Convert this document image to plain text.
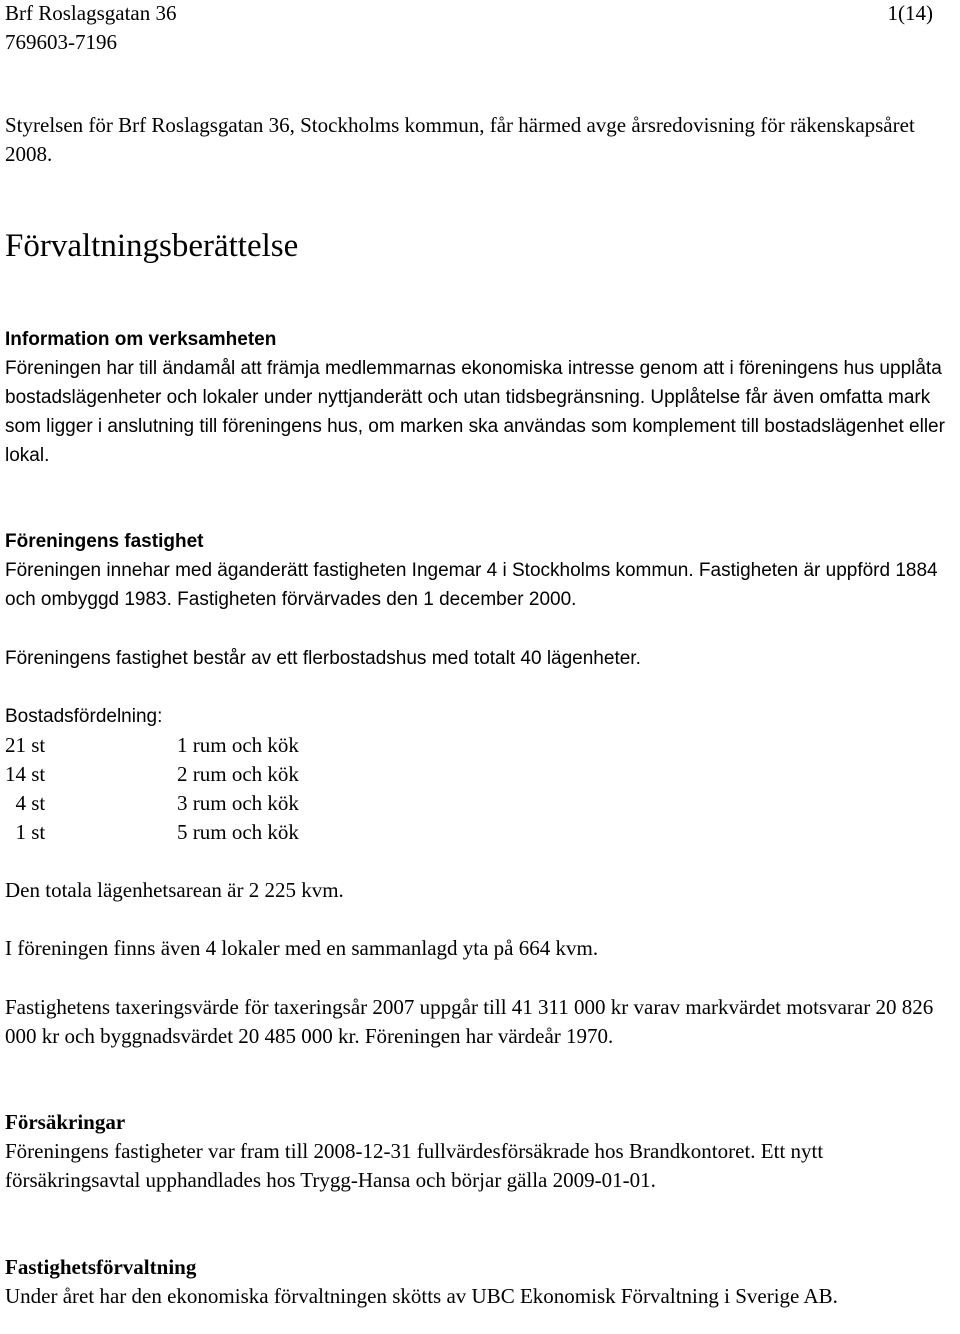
Brf Roslagsgatan 36
769603-7196
1(14)

Styrelsen för Brf Roslagsgatan 36, Stockholms kommun, får härmed avge årsredovisning för räkenskapsåret 2008.

Förvaltningsberättelse
Information om verksamheten
Föreningen har till ändamål att främja medlemmarnas ekonomiska intresse genom att i föreningens hus upplåta bostadslägenheter och lokaler under nyttjanderätt och utan tidsbegränsning. Upplåtelse får även omfatta mark som ligger i anslutning till föreningens hus, om marken ska användas som komplement till bostadslägenhet eller lokal.
Föreningens fastighet

Föreningen innehar med äganderätt fastigheten Ingemar 4 i Stockholms kommun. Fastigheten är uppförd 1884 och ombyggd 1983. Fastigheten förvärvades den 1 december 2000.

Föreningens fastighet består av ett flerbostadshus med totalt 40 lägenheter.

Bostadsfördelning:
21 st	1 rum och kök
14 st	2 rum och kök
4 st	3 rum och kök
1 st	5 rum och kök

Den totala lägenhetsarean är 2 225 kvm.

I föreningen finns även 4 lokaler med en sammanlagd yta på 664 kvm.

Fastighetens taxeringsvärde för taxeringsår 2007 uppgår till 41 311 000 kr varav markvärdet motsvarar 20 826 000 kr och byggnadsvärdet 20 485 000 kr. Föreningen har värdeår 1970.

Försäkringar

Föreningens fastigheter var fram till 2008-12-31 fullvärdesförsäkrade hos Brandkontoret. Ett nytt försäkringsavtal upphandlades hos Trygg-Hansa och börjar gälla 2009-01-01.

Fastighetsförvaltning

Under året har den ekonomiska förvaltningen skötts av UBC Ekonomisk Förvaltning i Sverige AB.
